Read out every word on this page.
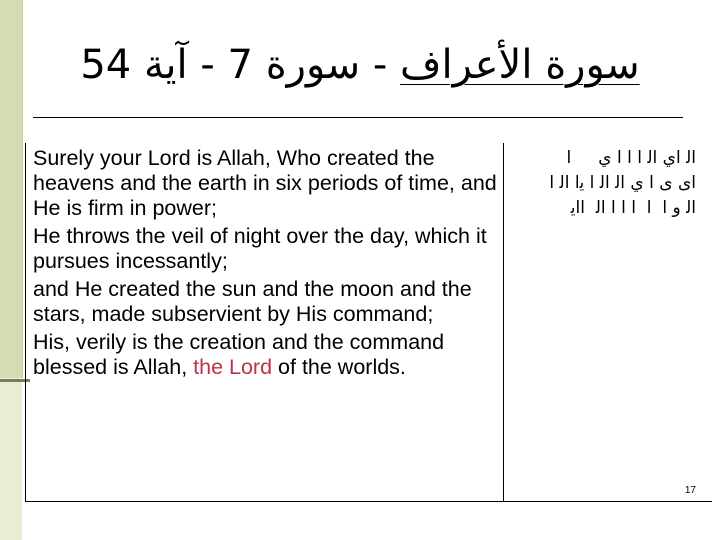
سورة الأعراف - سورة 7 - آية 54

Surely your Lord is Allah, Who created the heavens and the earth in six periods of time, and He is firm in power;

He throws the veil of night over the day, which it pursues incessantly;

and He created the sun and the moon and the stars, made subservient by His command;

His, verily is the creation and the command blessed is Allah, the Lord of the worlds.

ﺍﻟ ﺍﻱ ﺍﻟ ﺍ ﺍ ﺍ ﻱ     ﺍ
ﺍﻯ ﻯ ﺍ ﻱ ﺍﻟ ﺍﻟ ﺍ ﻳﺍ ﺍﻟ ﺍ
ﺍﻟ ﻭ ﺍ  ﺍ  ﺍ ﺍ ﺍ ﺍﻟ  ﺍﺍﻳ
17
